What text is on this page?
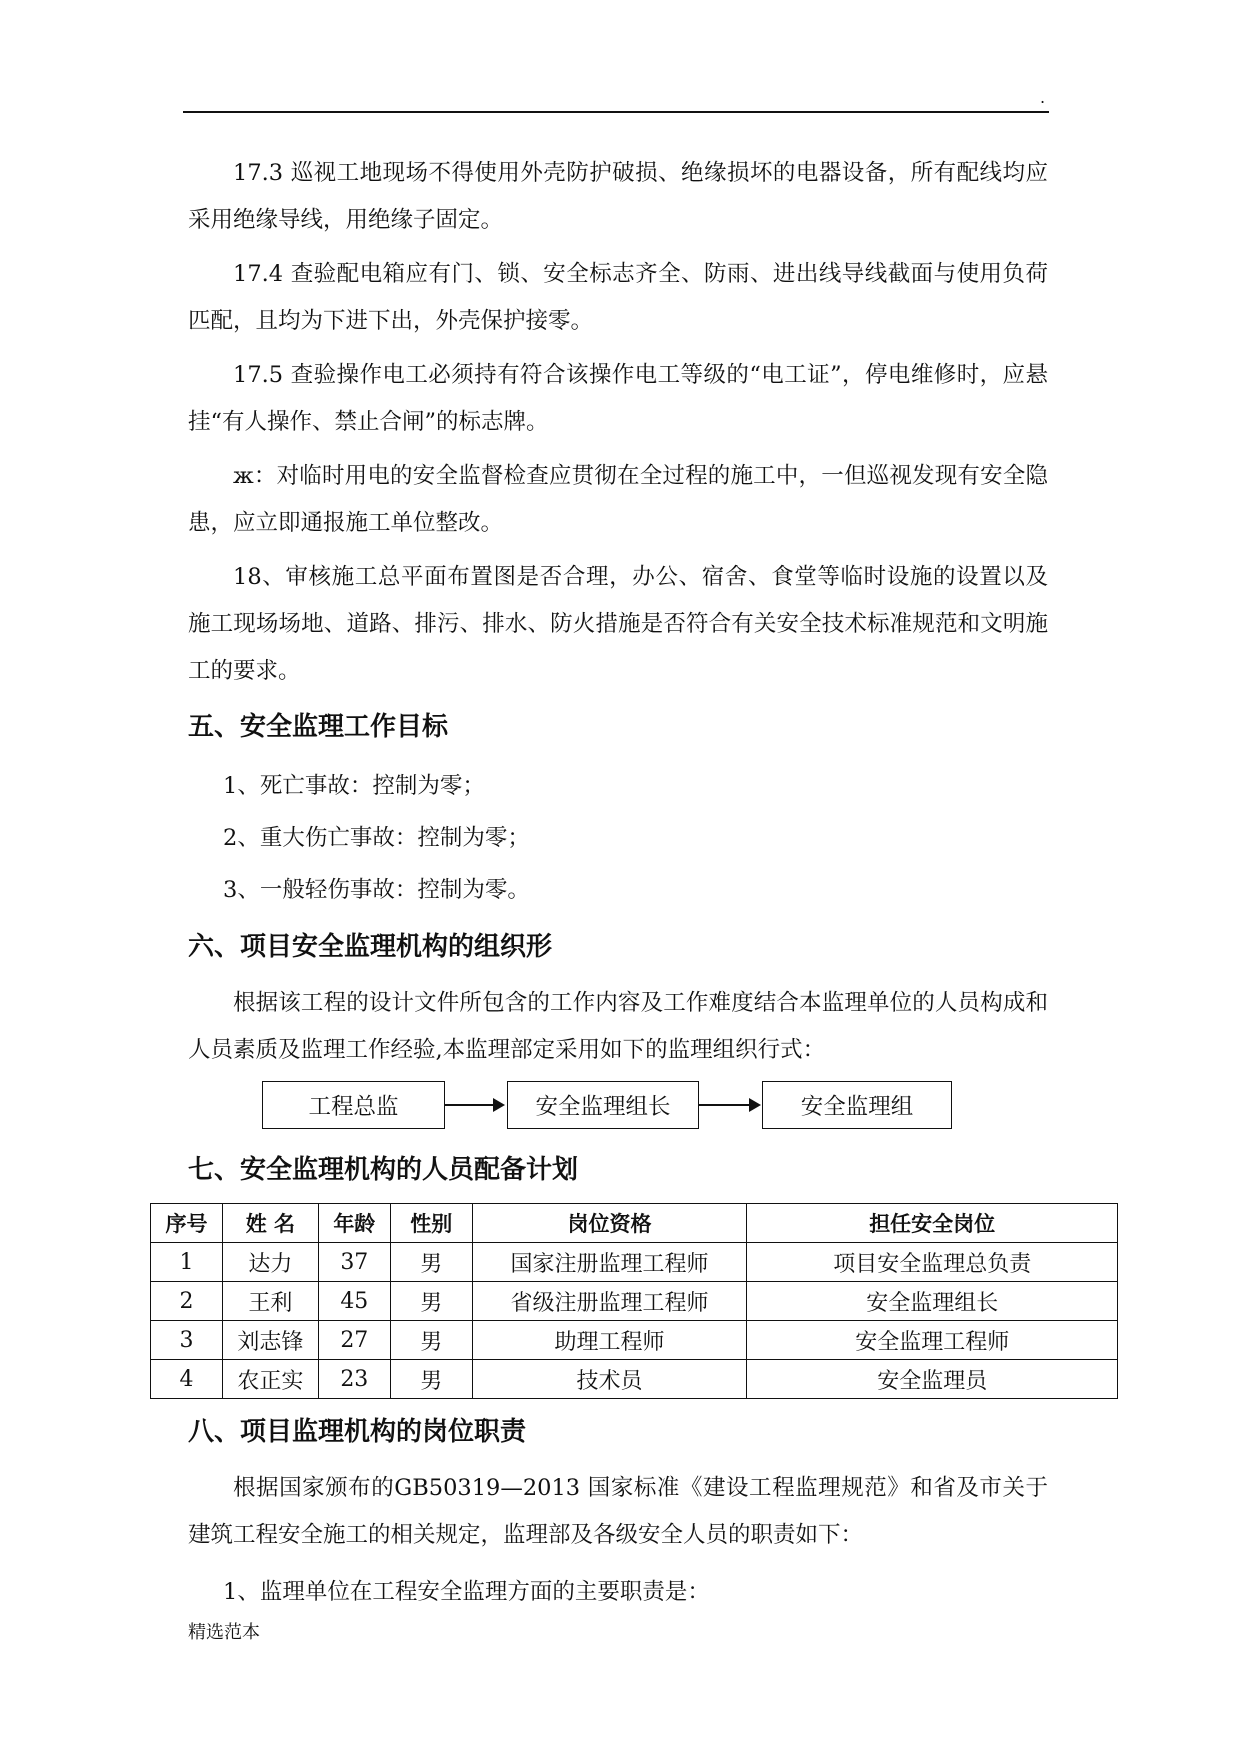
.

17.3 巡视工地现场不得使用外壳防护破损、绝缘损坏的电器设备，所有配线均应采用绝缘导线，用绝缘子固定。

17.4 查验配电箱应有门、锁、安全标志齐全、防雨、进出线导线截面与使用负荷匹配，且均为下进下出，外壳保护接零。

17.5 查验操作电工必须持有符合该操作电工等级的“电工证”，停电维修时，应悬挂“有人操作、禁止合闸”的标志牌。

ж：对临时用电的安全监督检查应贯彻在全过程的施工中，一但巡视发现有安全隐患，应立即通报施工单位整改。

18、审核施工总平面布置图是否合理，办公、宿舍、食堂等临时设施的设置以及施工现场场地、道路、排污、排水、防火措施是否符合有关安全技术标准规范和文明施工的要求。

五、安全监理工作目标

1、死亡事故：控制为零；

2、重大伤亡事故：控制为零；

3、一般轻伤事故：控制为零。

六、项目安全监理机构的组织形

根据该工程的设计文件所包含的工作内容及工作难度结合本监理单位的人员构成和人员素质及监理工作经验,本监理部定采用如下的监理组织行式：

工程总监	安全监理组长	安全监理组
七、安全监理机构的人员配备计划
序号	姓 名	年龄	性别	岗位资格	担任安全岗位
1	达力	37	男	国家注册监理工程师	项目安全监理总负责
2	王利	45	男	省级注册监理工程师	安全监理组长
3	刘志锋	27	男	助理工程师	安全监理工程师
4	农正实	23	男	技术员	安全监理员
八、项目监理机构的岗位职责

根据国家颁布的GB50319—2013 国家标准《建设工程监理规范》和省及市关于建筑工程安全施工的相关规定，监理部及各级安全人员的职责如下：

1、监理单位在工程安全监理方面的主要职责是：

精选范本
